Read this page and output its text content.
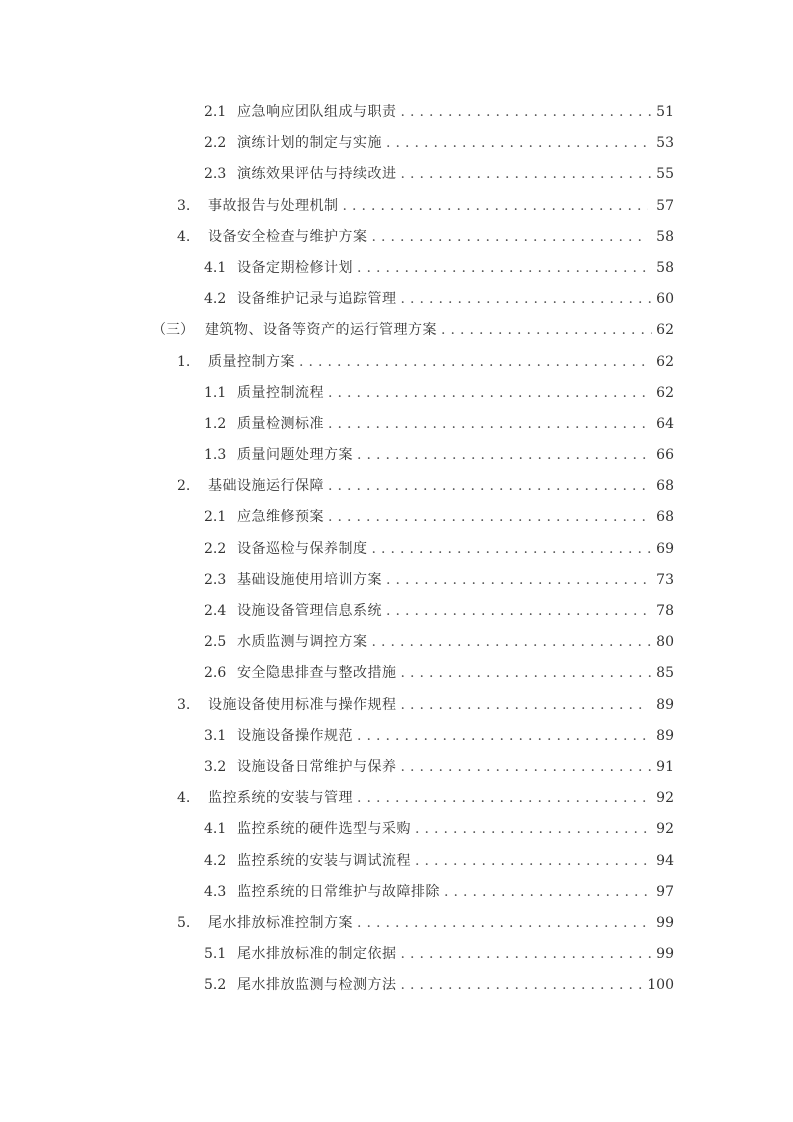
2.1 应急响应团队组成与职责 . . .	51
2.2 演练计划的制定与实施 . . .	53
2.3 演练效果评估与持续改进 . . .	55
3. 事故报告与处理机制 . . .	57
4. 设备安全检查与维护方案 . . .	58
4.1 设备定期检修计划 . . .	58
4.2 设备维护记录与追踪管理 . . .	60
（三） 建筑物、设备等资产的运行管理方案 . . .	62
1. 质量控制方案 . . .	62
1.1 质量控制流程 . . .	62
1.2 质量检测标准 . . .	64
1.3 质量问题处理方案 . . .	66
2. 基础设施运行保障 . . .	68
2.1 应急维修预案 . . .	68
2.2 设备巡检与保养制度 . . .	69
2.3 基础设施使用培训方案 . . .	73
2.4 设施设备管理信息系统 . . .	78
2.5 水质监测与调控方案 . . .	80
2.6 安全隐患排查与整改措施 . . .	85
3. 设施设备使用标准与操作规程 . . .	89
3.1 设施设备操作规范 . . .	89
3.2 设施设备日常维护与保养 . . .	91
4. 监控系统的安装与管理 . . .	92
4.1 监控系统的硬件选型与采购 . . .	92
4.2 监控系统的安装与调试流程 . . .	94
4.3 监控系统的日常维护与故障排除 . . .	97
5. 尾水排放标准控制方案 . . .	99
5.1 尾水排放标准的制定依据 . . .	99
5.2 尾水排放监测与检测方法 . . .	100
